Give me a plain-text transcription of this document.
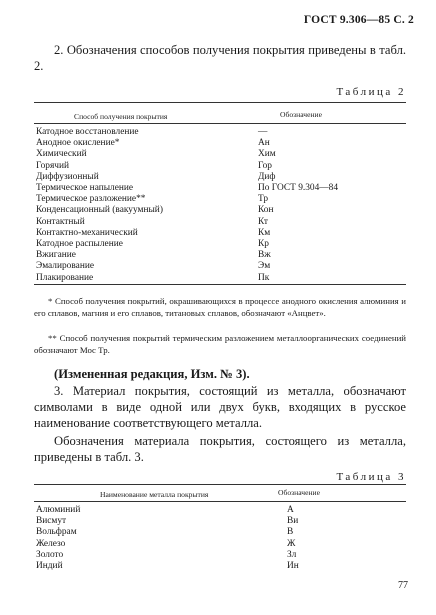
ГОСТ 9.306—85 С. 2
2. Обозначения способов получения покрытия приведены в табл. 2.
Таблица 2
Способ получения покрытия	Обозначение
Катодное восстановление	—
Анодное окисление*	Ан
Химический	Хим
Горячий	Гор
Диффузионный	Диф
Термическое напыление	По ГОСТ 9.304—84
Термическое разложение**	Тр
Конденсационный (вакуумный)	Кон
Контактный	Кт
Контактно-механический	Км
Катодное распыление	Кр
Вжигание	Вж
Эмалирование	Эм
Плакирование	Пк
* Способ получения покрытий, окрашивающихся в процессе анодного окисления алюминия и его сплавов, магния и его сплавов, титановых сплавов, обозначают «Анцвет».
** Способ получения покрытий термическим разложением металлоорганических соединений обозначают Мос Тр.
(Измененная редакция, Изм. № 3).
3. Материал покрытия, состоящий из металла, обозначают символами в виде одной или двух букв, входящих в русское наименование соответствующего металла.
Обозначения материала покрытия, состоящего из металла, приведены в табл. 3.
Таблица 3
Наименование металла покрытия	Обозначение
Алюминий	А
Висмут	Ви
Вольфрам	В
Железо	Ж
Золото	Зл
Индий	Ин
77
